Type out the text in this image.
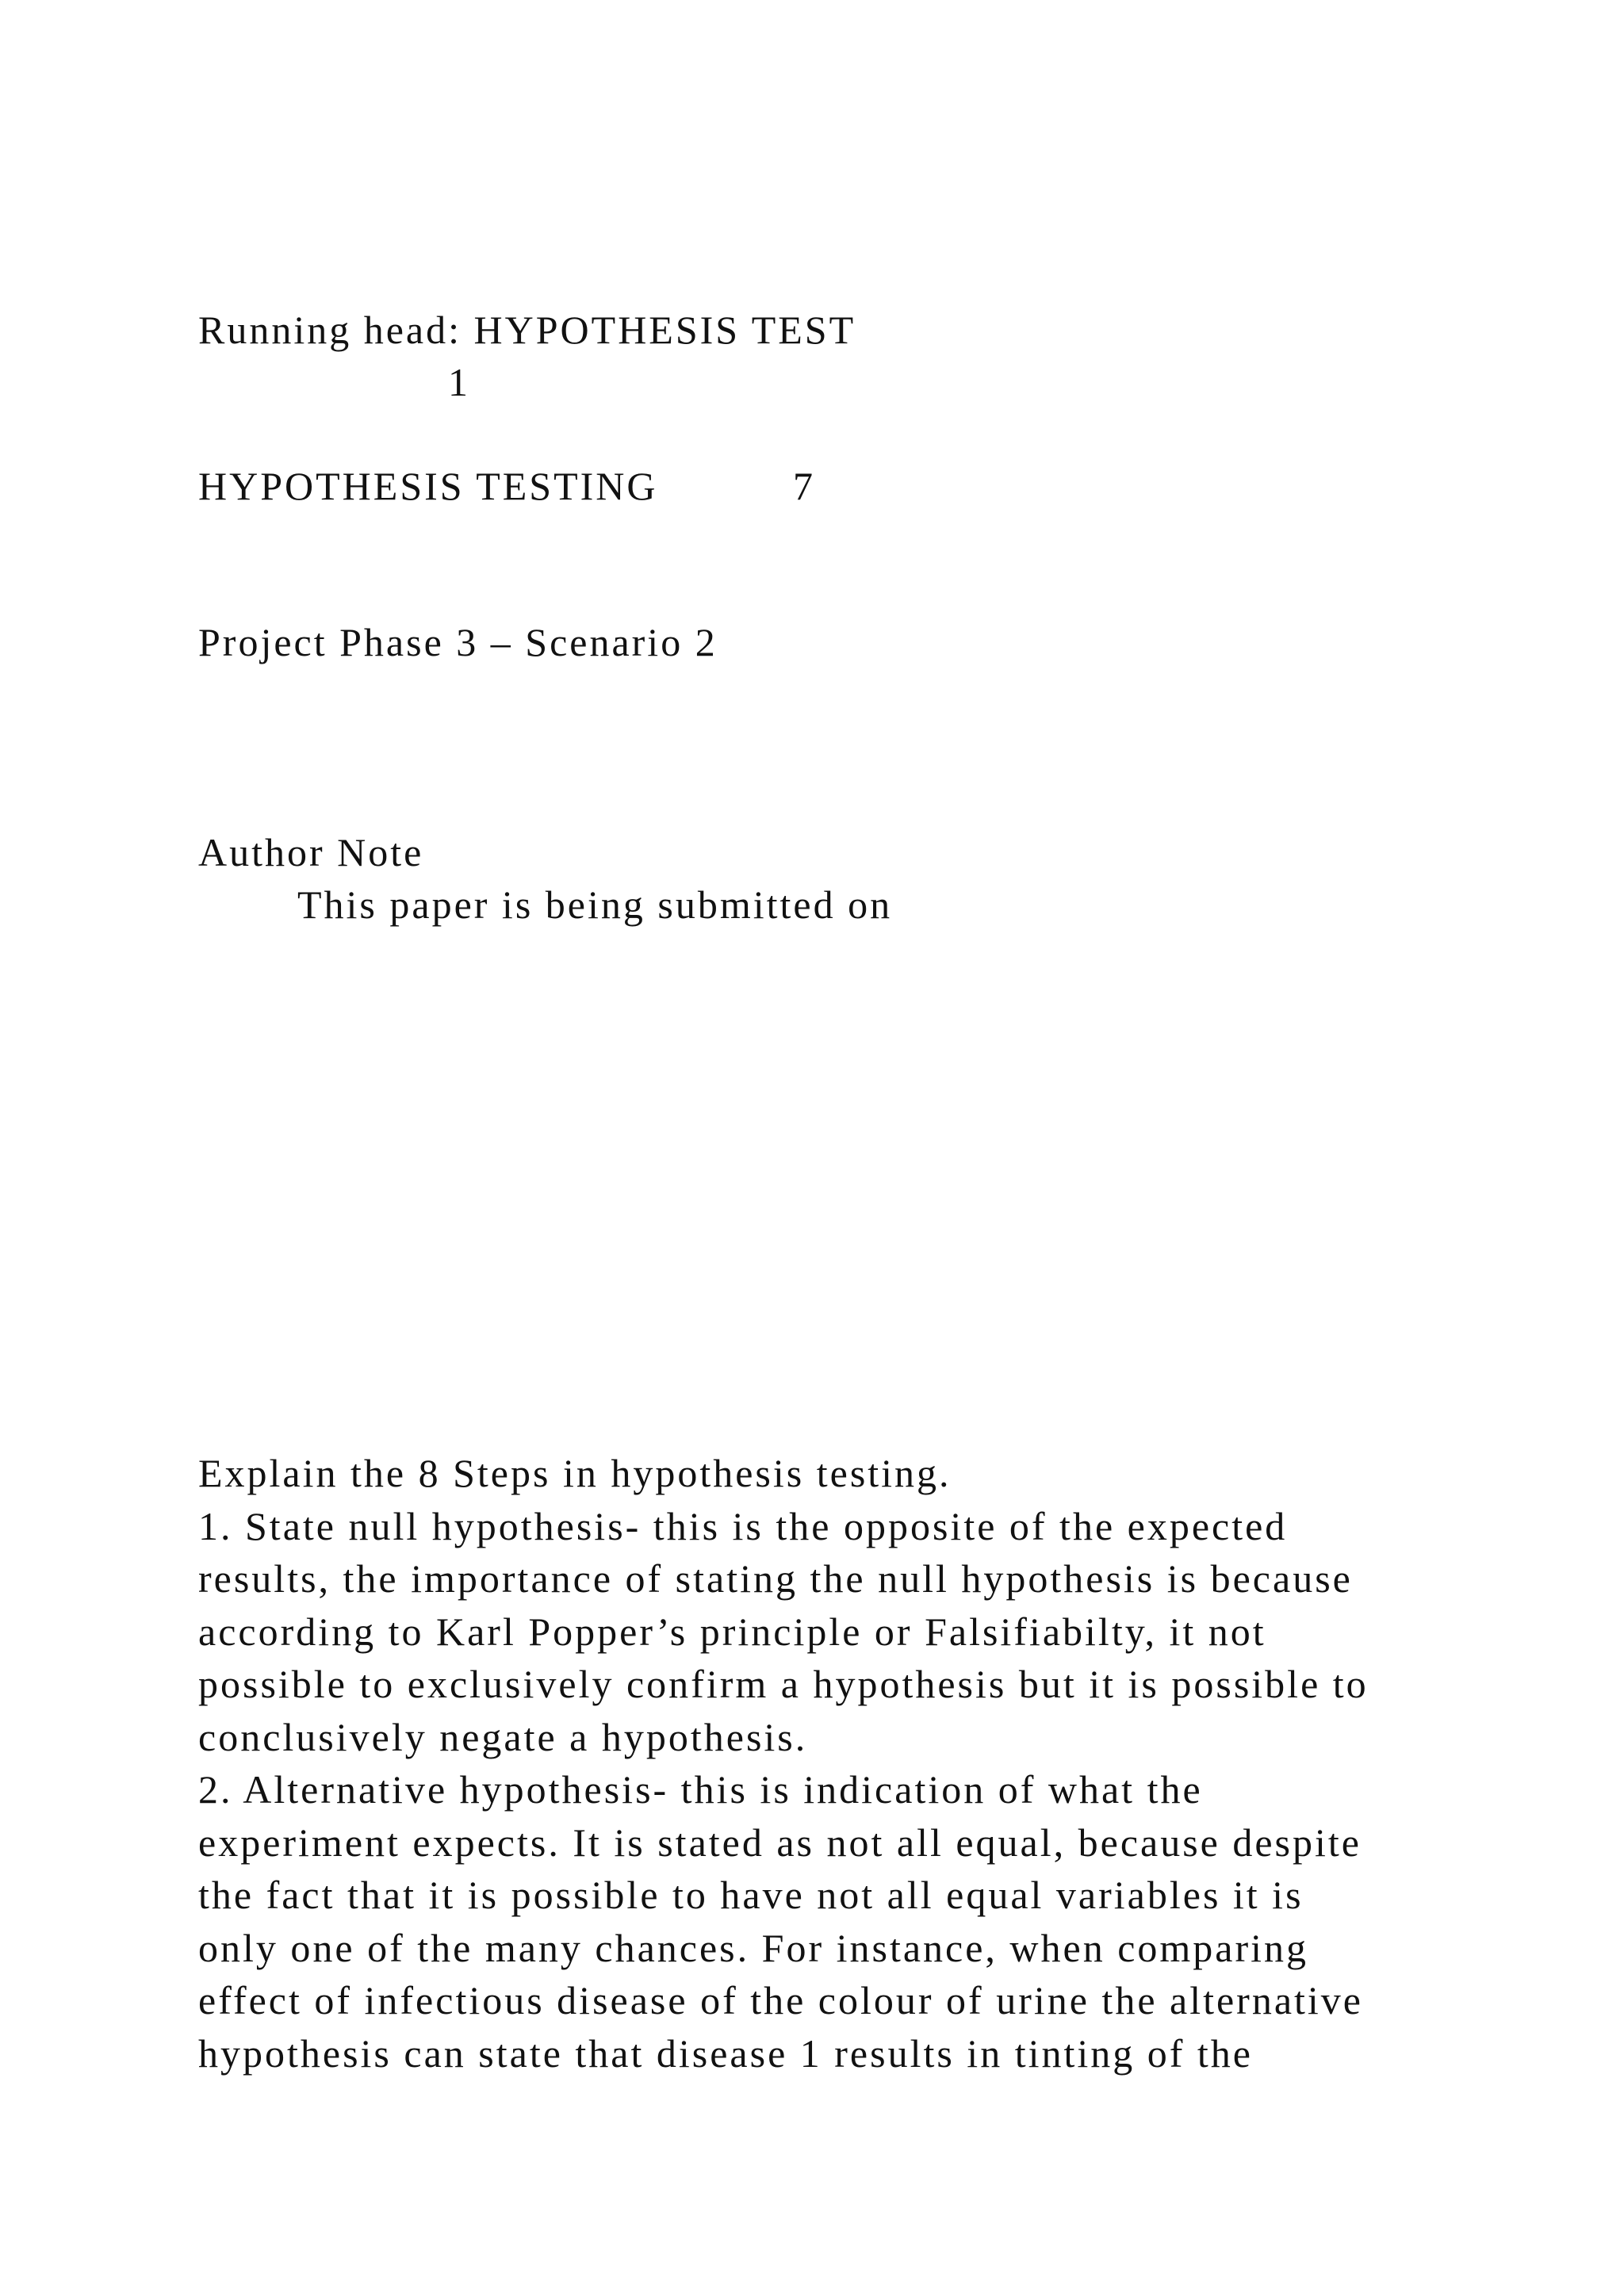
Running head: HYPOTHESIS TEST
1
HYPOTHESIS TESTING	7
Project Phase 3 – Scenario 2
Author Note
This paper is being submitted on

Explain the 8 Steps in hypothesis testing.

1. State null hypothesis- this is the opposite of the expected

results, the importance of stating the null hypothesis is because

according to Karl Popper’s principle or Falsifiabilty, it not

possible to exclusively confirm a hypothesis but it is possible to

conclusively negate a hypothesis.

2. Alternative hypothesis- this is indication of what the

experiment expects. It is stated as not all equal, because despite

the fact that it is possible to have not all equal variables it is

only one of the many chances. For instance, when comparing

effect of infectious disease of the colour of urine the alternative

hypothesis can state that disease 1 results in tinting of the
